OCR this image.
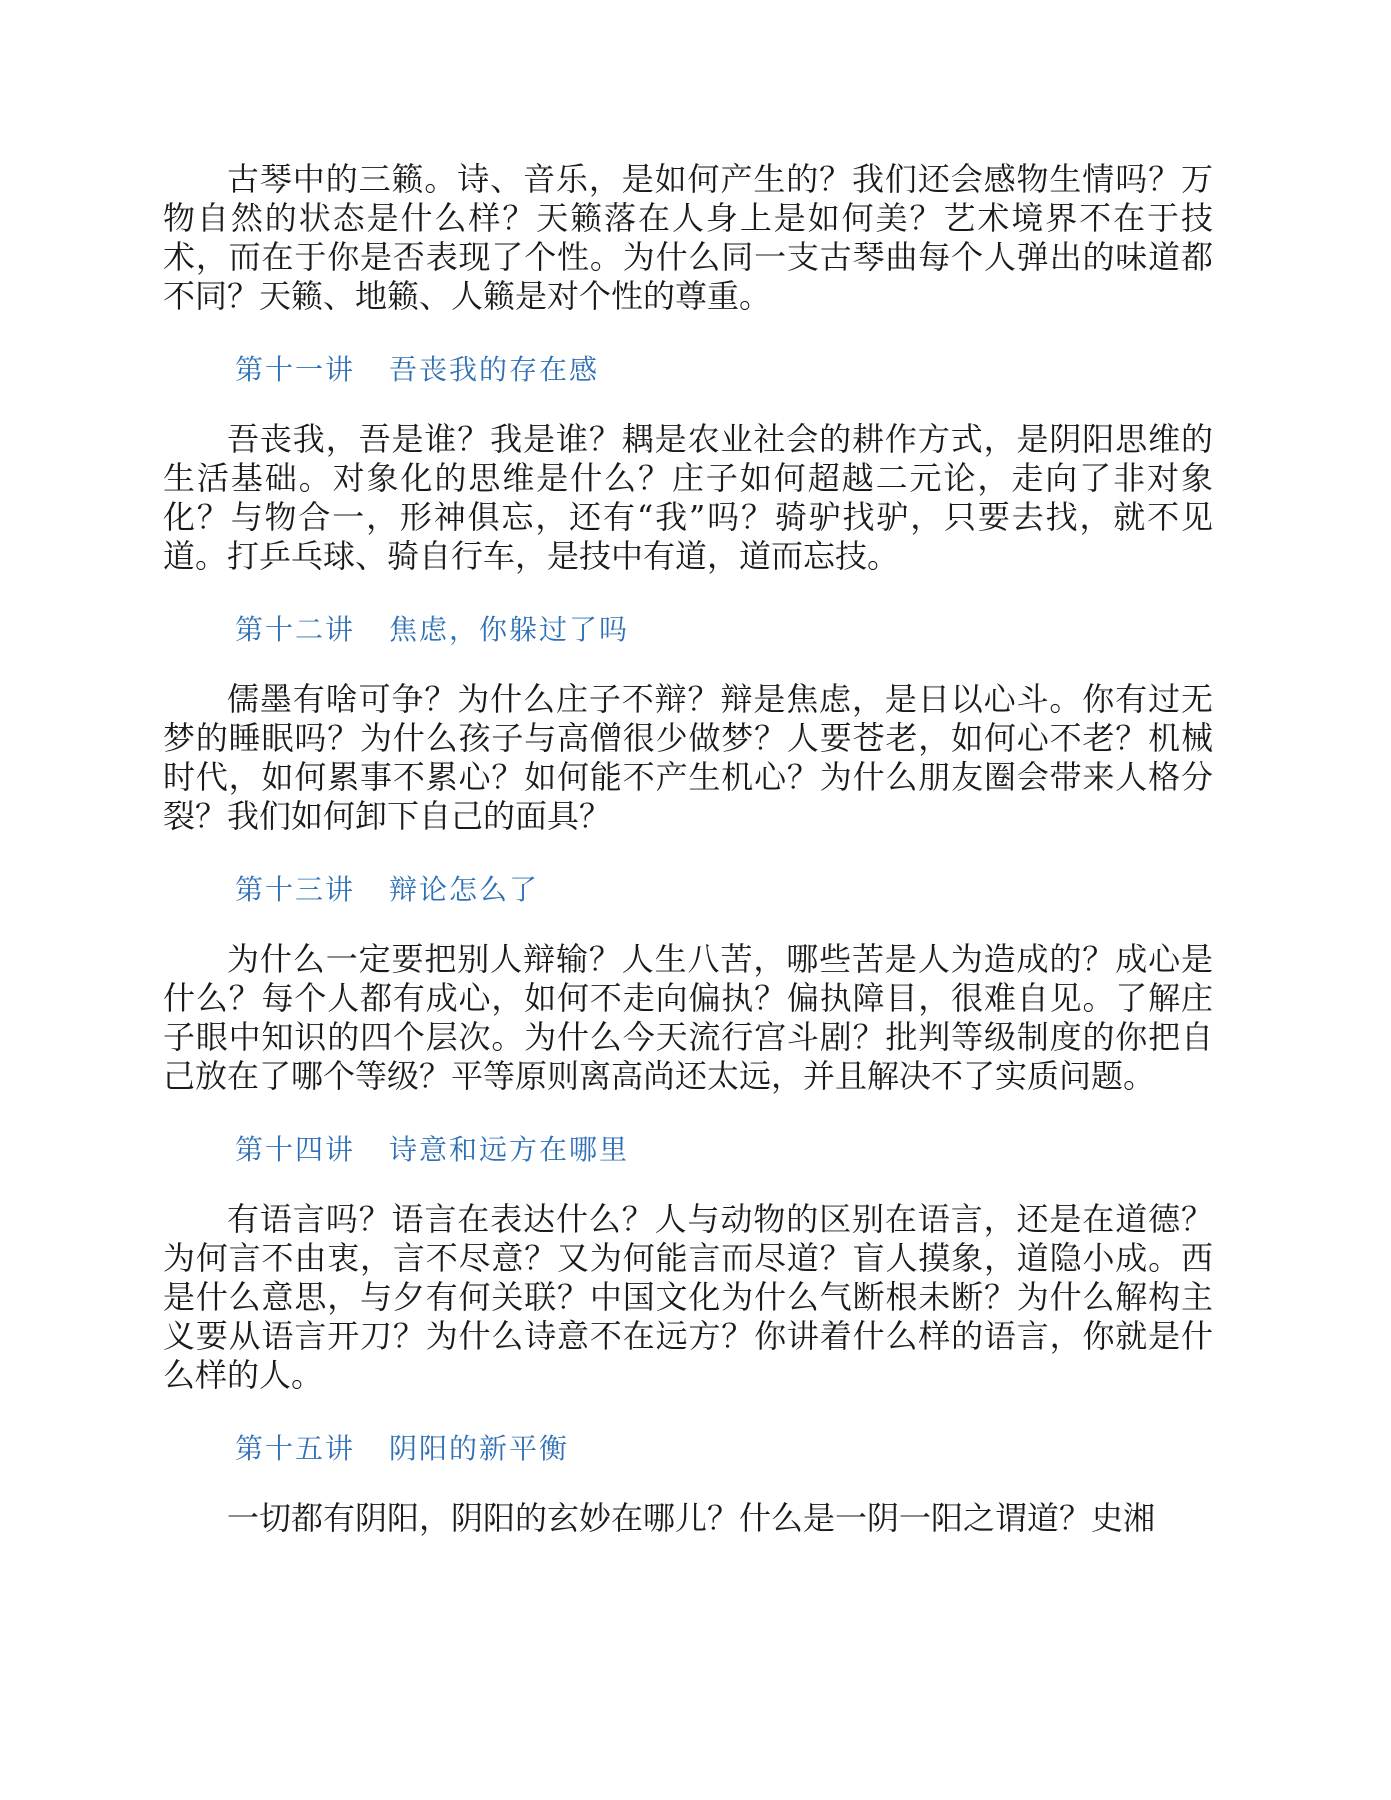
古琴中的三籁。诗、音乐，是如何产生的？我们还会感物生情吗？万物自然的状态是什么样？天籁落在人身上是如何美？艺术境界不在于技术，而在于你是否表现了个性。为什么同一支古琴曲每个人弹出的味道都不同？天籁、地籁、人籁是对个性的尊重。

第十一讲 吾丧我的存在感

吾丧我，吾是谁？我是谁？耦是农业社会的耕作方式，是阴阳思维的生活基础。对象化的思维是什么？庄子如何超越二元论，走向了非对象化？与物合一，形神俱忘，还有“我”吗？骑驴找驴，只要去找，就不见道。打乒乓球、骑自行车，是技中有道，道而忘技。

第十二讲 焦虑，你躲过了吗

儒墨有啥可争？为什么庄子不辩？辩是焦虑，是日以心斗。你有过无梦的睡眠吗？为什么孩子与高僧很少做梦？人要苍老，如何心不老？机械时代，如何累事不累心？如何能不产生机心？为什么朋友圈会带来人格分裂？我们如何卸下自己的面具？

第十三讲 辩论怎么了

为什么一定要把别人辩输？人生八苦，哪些苦是人为造成的？成心是什么？每个人都有成心，如何不走向偏执？偏执障目，很难自见。了解庄子眼中知识的四个层次。为什么今天流行宫斗剧？批判等级制度的你把自己放在了哪个等级？平等原则离高尚还太远，并且解决不了实质问题。

第十四讲 诗意和远方在哪里

有语言吗？语言在表达什么？人与动物的区别在语言，还是在道德？为何言不由衷，言不尽意？又为何能言而尽道？盲人摸象，道隐小成。西是什么意思，与夕有何关联？中国文化为什么气断根未断？为什么解构主义要从语言开刀？为什么诗意不在远方？你讲着什么样的语言，你就是什么样的人。

第十五讲 阴阳的新平衡

一切都有阴阳，阴阳的玄妙在哪儿？什么是一阴一阳之谓道？史湘
